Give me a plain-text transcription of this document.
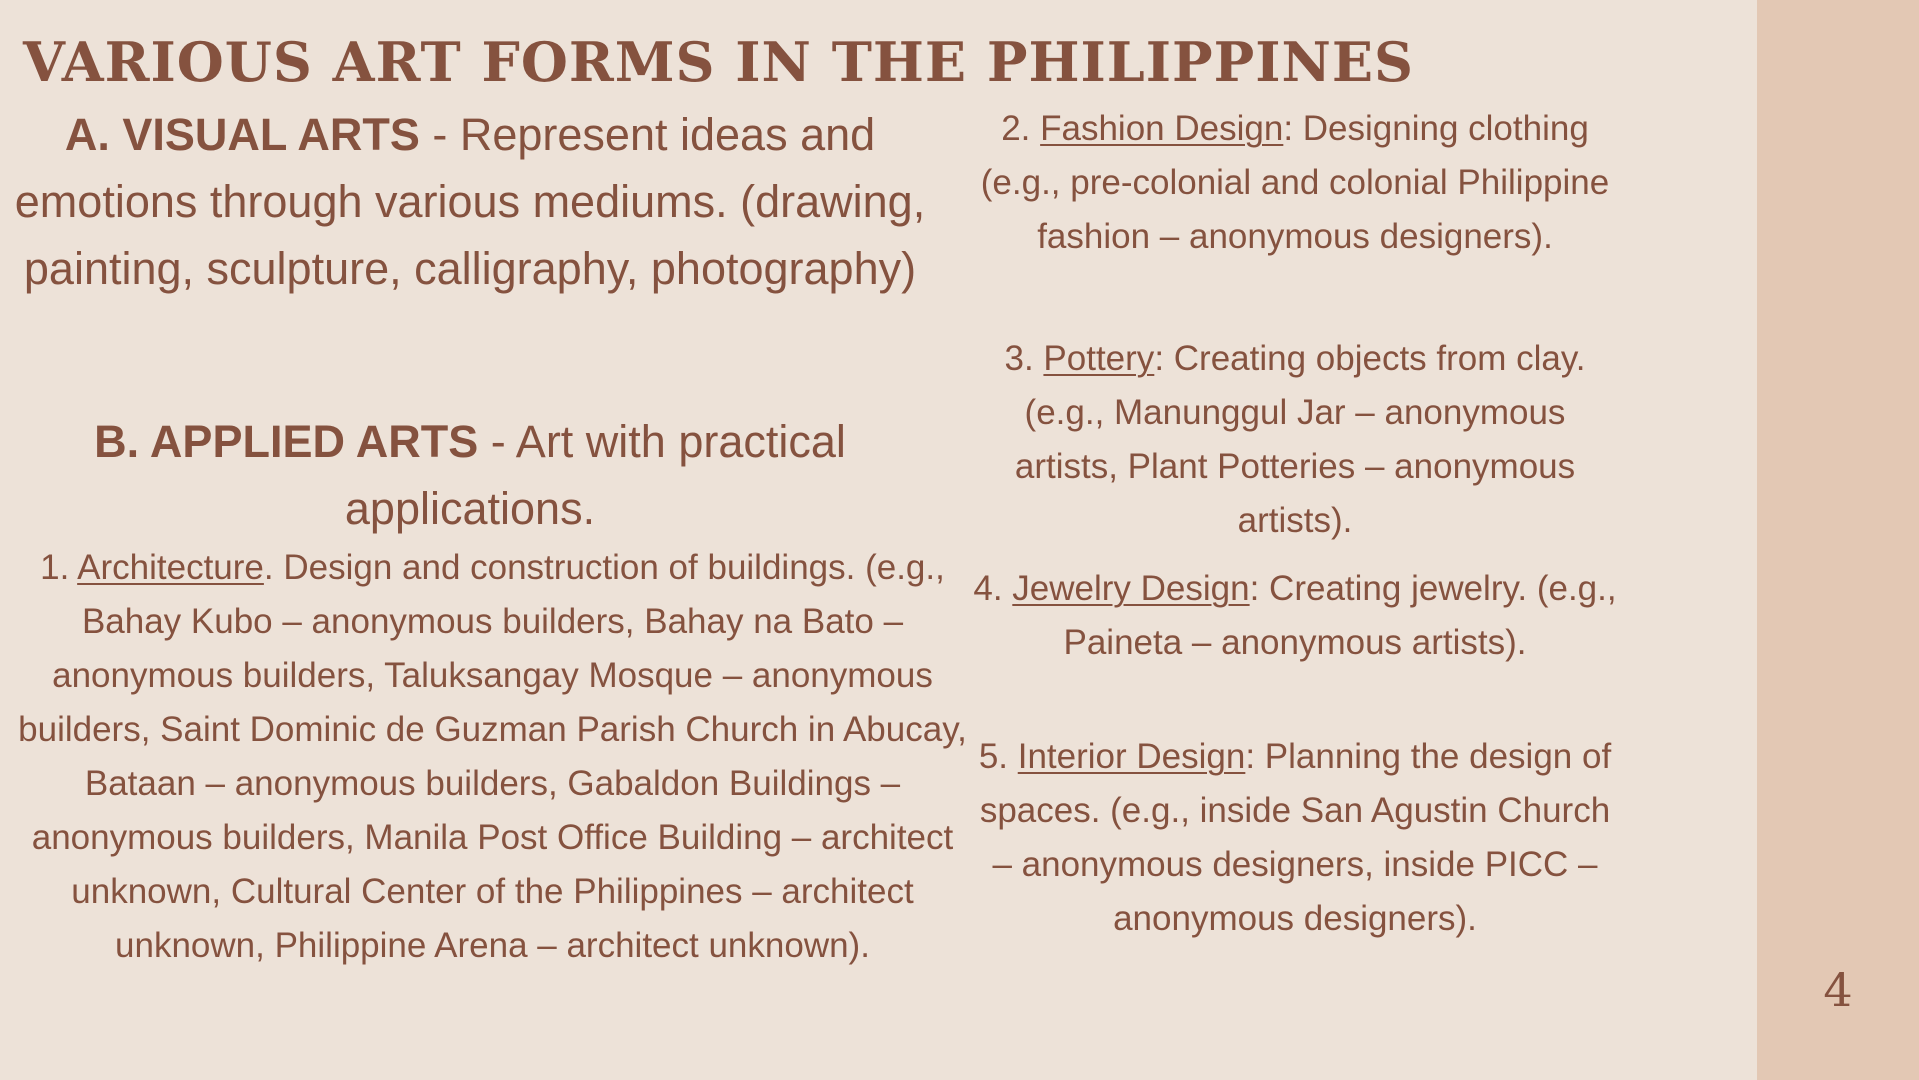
VARIOUS ART FORMS IN THE PHILIPPINES

A. VISUAL ARTS - Represent ideas and emotions through various mediums. (drawing, painting, sculpture, calligraphy, photography)

B. APPLIED ARTS - Art with practical applications.

1. Architecture. Design and construction of buildings. (e.g., Bahay Kubo – anonymous builders, Bahay na Bato – anonymous builders, Taluksangay Mosque – anonymous builders, Saint Dominic de Guzman Parish Church in Abucay, Bataan – anonymous builders, Gabaldon Buildings – anonymous builders, Manila Post Office Building – architect unknown, Cultural Center of the Philippines – architect unknown, Philippine Arena – architect unknown).

2. Fashion Design: Designing clothing (e.g., pre-colonial and colonial Philippine fashion – anonymous designers).

3. Pottery: Creating objects from clay. (e.g., Manunggul Jar – anonymous artists, Plant Potteries – anonymous artists).

4. Jewelry Design: Creating jewelry. (e.g., Paineta – anonymous artists).

5. Interior Design: Planning the design of spaces. (e.g., inside San Agustin Church – anonymous designers, inside PICC – anonymous designers).

4
